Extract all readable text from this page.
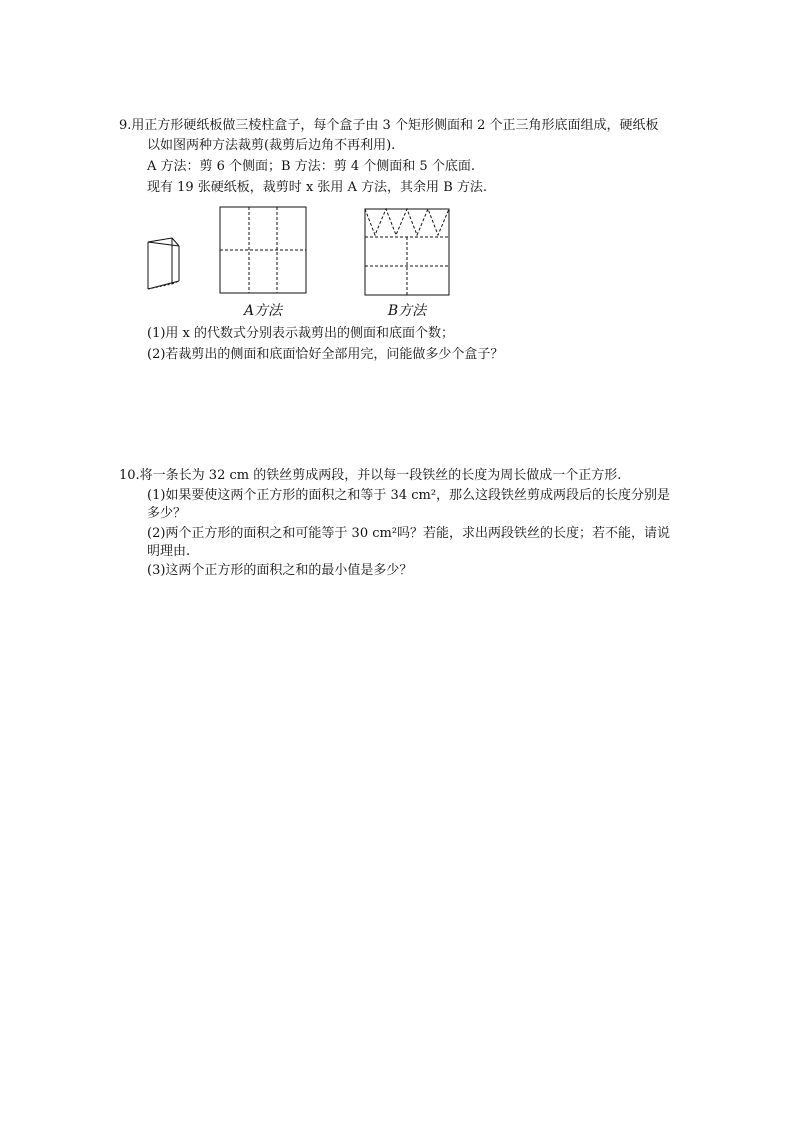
9.用正方形硬纸板做三棱柱盒子，每个盒子由 3 个矩形侧面和 2 个正三角形底面组成，硬纸板
以如图两种方法裁剪(裁剪后边角不再利用).
A 方法：剪 6 个侧面；B 方法：剪 4 个侧面和 5 个底面.
现有 19 张硬纸板，裁剪时 x 张用 A 方法，其余用 B 方法.
A方法	B方法
(1)用 x 的代数式分别表示裁剪出的侧面和底面个数；
(2)若裁剪出的侧面和底面恰好全部用完，问能做多少个盒子？
10.将一条长为 32 cm 的铁丝剪成两段，并以每一段铁丝的长度为周长做成一个正方形.
(1)如果要使这两个正方形的面积之和等于 34 cm²，那么这段铁丝剪成两段后的长度分别是
多少？
(2)两个正方形的面积之和可能等于 30 cm²吗？若能，求出两段铁丝的长度；若不能，请说
明理由.
(3)这两个正方形的面积之和的最小值是多少？
